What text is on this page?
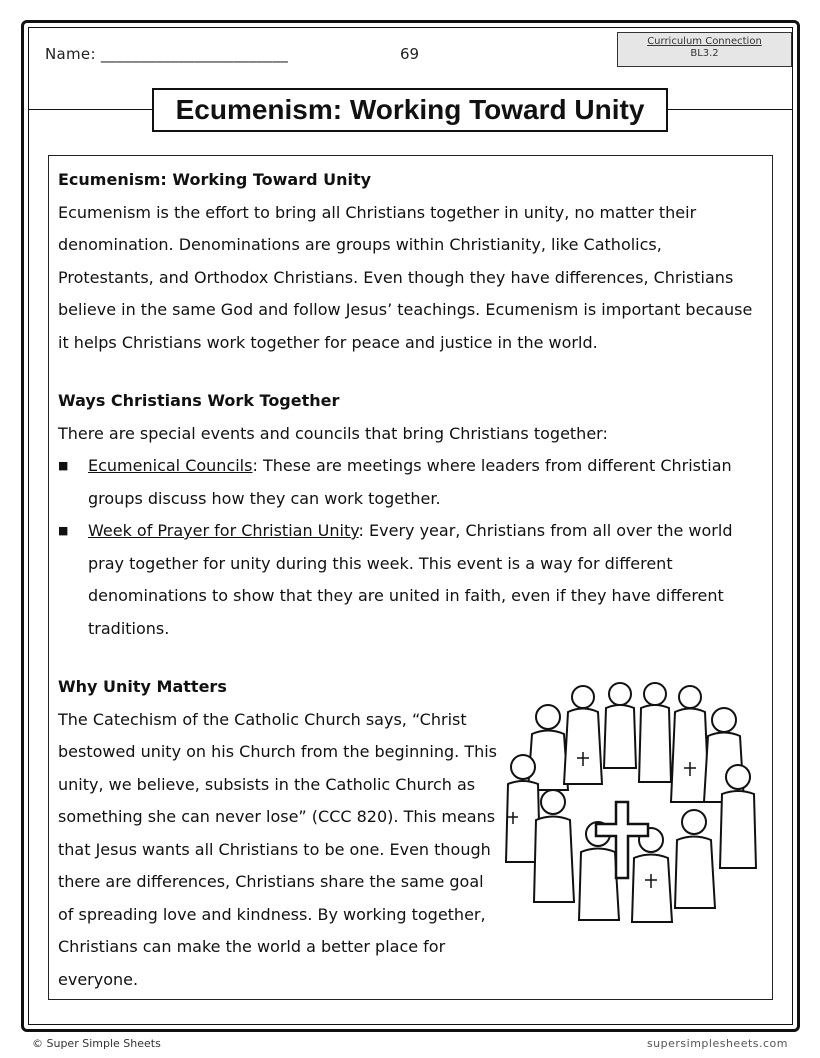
Name: ________________________	69
Curriculum Connection
BL3.2
Ecumenism: Working Toward Unity

Ecumenism: Working Toward Unity

Ecumenism is the effort to bring all Christians together in unity, no matter their denomination. Denominations are groups within Christianity, like Catholics, Protestants, and Orthodox Christians. Even though they have differences, Christians believe in the same God and follow Jesus’ teachings. Ecumenism is important because it helps Christians work together for peace and justice in the world.

Ways Christians Work Together

There are special events and councils that bring Christians together:

■ Ecumenical Councils: These are meetings where leaders from different Christian groups discuss how they can work together.
■ Week of Prayer for Christian Unity: Every year, Christians from all over the world pray together for unity during this week. This event is a way for different denominations to show that they are united in faith, even if they have different traditions.

Why Unity Matters

The Catechism of the Catholic Church says, “Christ bestowed unity on his Church from the beginning. This unity, we believe, subsists in the Catholic Church as something she can never lose” (CCC 820). This means that Jesus wants all Christians to be one. Even though there are differences, Christians share the same goal of spreading love and kindness. By working together, Christians can make the world a better place for everyone.

© Super Simple Sheets	supersimplesheets.com
